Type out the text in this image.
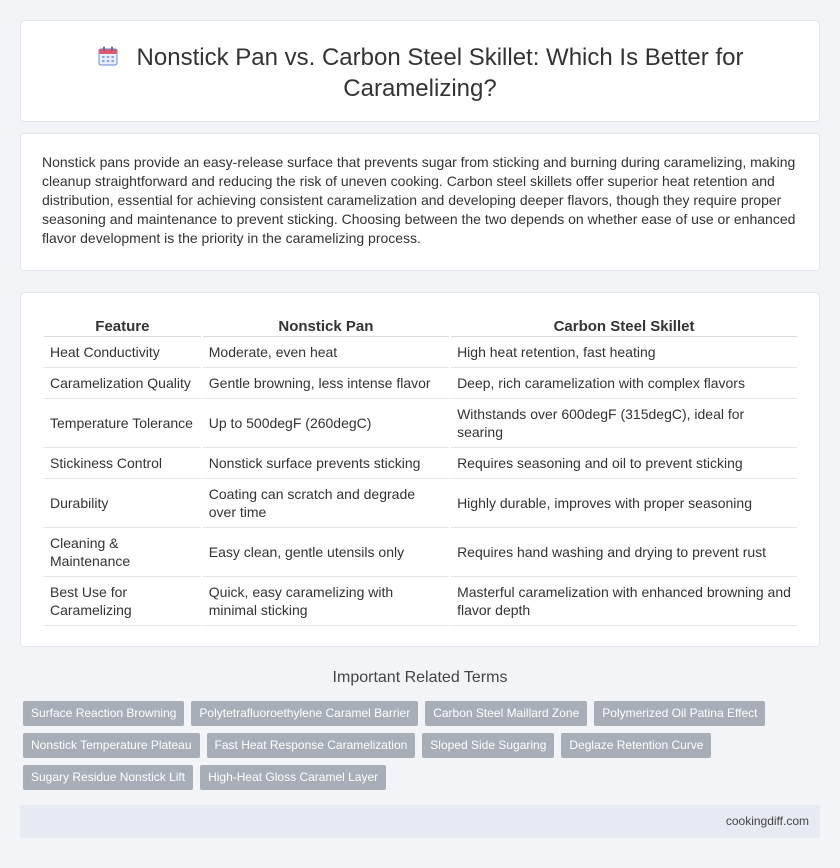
Nonstick Pan vs. Carbon Steel Skillet: Which Is Better for Caramelizing?

Nonstick pans provide an easy-release surface that prevents sugar from sticking and burning during caramelizing, making cleanup straightforward and reducing the risk of uneven cooking. Carbon steel skillets offer superior heat retention and distribution, essential for achieving consistent caramelization and developing deeper flavors, though they require proper seasoning and maintenance to prevent sticking. Choosing between the two depends on whether ease of use or enhanced flavor development is the priority in the caramelizing process.

Feature	Nonstick Pan	Carbon Steel Skillet
Heat Conductivity	Moderate, even heat	High heat retention, fast heating
Caramelization Quality	Gentle browning, less intense flavor	Deep, rich caramelization with complex flavors
Temperature Tolerance	Up to 500degF (260degC)	Withstands over 600degF (315degC), ideal for searing
Stickiness Control	Nonstick surface prevents sticking	Requires seasoning and oil to prevent sticking
Durability	Coating can scratch and degrade over time	Highly durable, improves with proper seasoning
Cleaning & Maintenance	Easy clean, gentle utensils only	Requires hand washing and drying to prevent rust
Best Use for Caramelizing	Quick, easy caramelizing with minimal sticking	Masterful caramelization with enhanced browning and flavor depth
Important Related Terms
Surface Reaction Browning	Polytetrafluoroethylene Caramel Barrier	Carbon Steel Maillard Zone	Polymerized Oil Patina Effect
Nonstick Temperature Plateau	Fast Heat Response Caramelization	Sloped Side Sugaring	Deglaze Retention Curve
Sugary Residue Nonstick Lift	High-Heat Gloss Caramel Layer
cookingdiff.com
